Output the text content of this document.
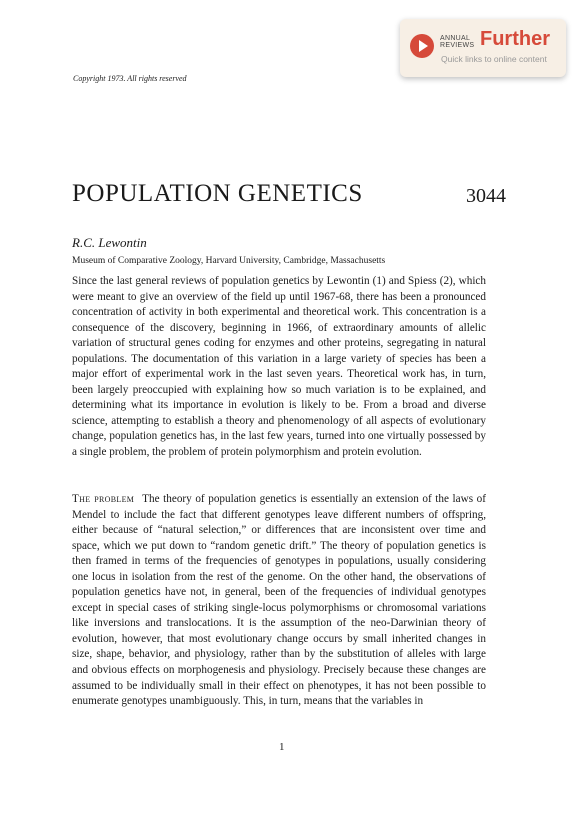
ANNUAL
REVIEWS Further
Quick links to online content
Copyright 1973. All rights reserved
POPULATION GENETICS	3044
R.C. Lewontin
Museum of Comparative Zoology, Harvard University, Cambridge, Massachusetts

Since the last general reviews of population genetics by Lewontin (1) and Spiess (2), which were meant to give an overview of the field up until 1967-68, there has been a pronounced concentration of activity in both experimental and theoretical work. This concentration is a consequence of the discovery, beginning in 1966, of extraordinary amounts of allelic variation of structural genes coding for enzymes and other proteins, segregating in natural populations. The documentation of this variation in a large variety of species has been a major effort of experimental work in the last seven years. Theoretical work has, in turn, been largely preoccupied with explaining how so much variation is to be explained, and determining what its importance in evolution is likely to be. From a broad and diverse science, attempting to establish a theory and phenomenology of all aspects of evolutionary change, population genetics has, in the last few years, turned into one virtually possessed by a single problem, the problem of protein polymorphism and protein evolution.

The problem The theory of population genetics is essentially an extension of the laws of Mendel to include the fact that different genotypes leave different numbers of offspring, either because of “natural selection,” or differences that are inconsistent over time and space, which we put down to “random genetic drift.” The theory of population genetics is then framed in terms of the frequencies of genotypes in populations, usually considering one locus in isolation from the rest of the genome. On the other hand, the observations of population genetics have not, in general, been of the frequencies of individual genotypes except in special cases of striking single-locus polymorphisms or chromosomal variations like inversions and translocations. It is the assumption of the neo-Darwinian theory of evolution, however, that most evolutionary change occurs by small inherited changes in size, shape, behavior, and physiology, rather than by the substitution of alleles with large and obvious effects on morphogenesis and physiology. Precisely because these changes are assumed to be individually small in their effect on phenotypes, it has not been possible to enumerate genotypes unambiguously. This, in turn, means that the variables in

1
